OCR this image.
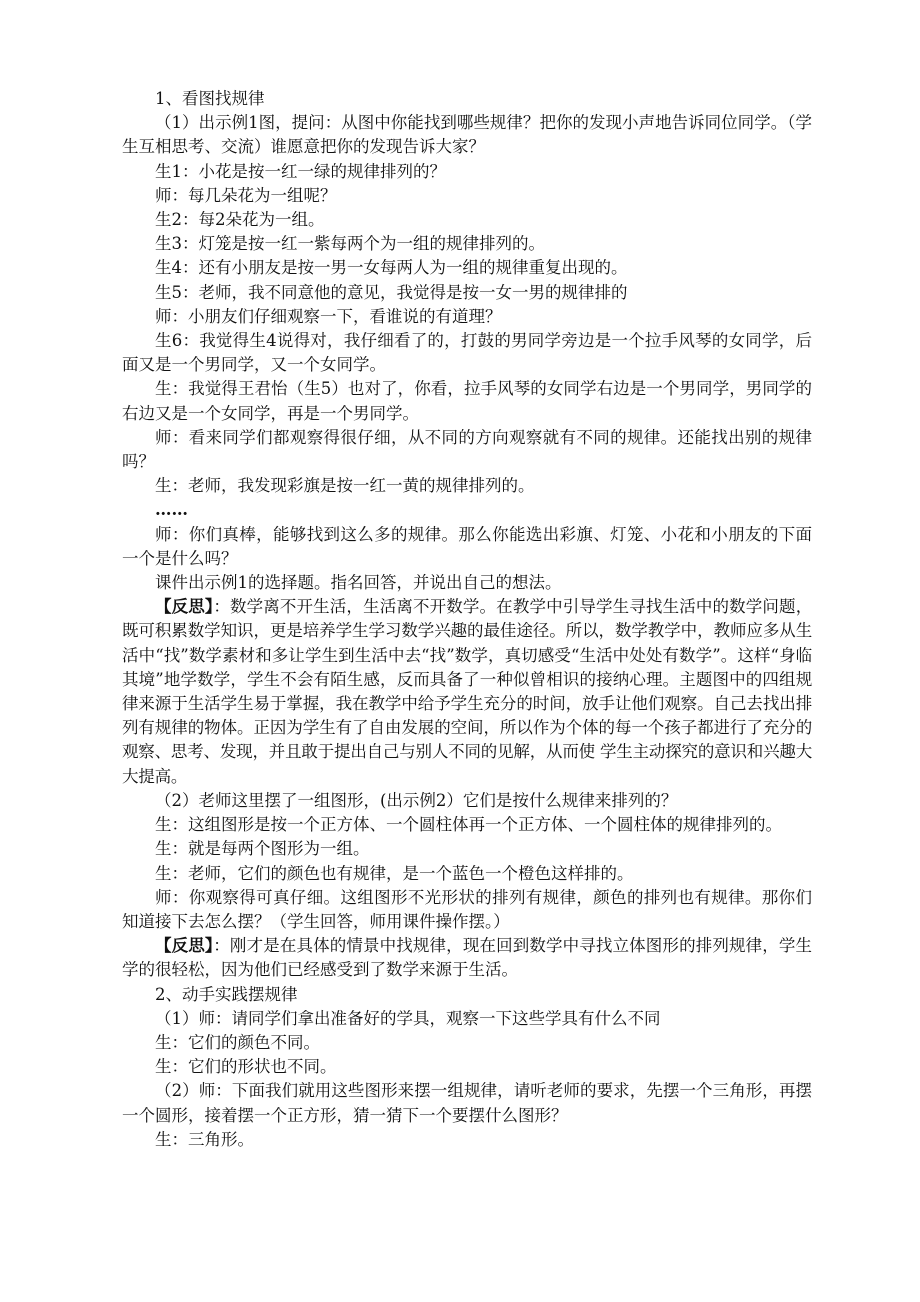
1、看图找规律

（1）出示例1图，提问：从图中你能找到哪些规律？把你的发现小声地告诉同位同学。（学生互相思考、交流）谁愿意把你的发现告诉大家？

生1：小花是按一红一绿的规律排列的？

师：每几朵花为一组呢？

生2：每2朵花为一组。

生3：灯笼是按一红一紫每两个为一组的规律排列的。

生4：还有小朋友是按一男一女每两人为一组的规律重复出现的。

生5：老师，我不同意他的意见，我觉得是按一女一男的规律排的

师：小朋友们仔细观察一下，看谁说的有道理？

生6：我觉得生4说得对，我仔细看了的，打鼓的男同学旁边是一个拉手风琴的女同学，后面又是一个男同学，又一个女同学。

生：我觉得王君怡（生5）也对了，你看，拉手风琴的女同学右边是一个男同学，男同学的右边又是一个女同学，再是一个男同学。

师：看来同学们都观察得很仔细，从不同的方向观察就有不同的规律。还能找出别的规律吗？

生：老师，我发现彩旗是按一红一黄的规律排列的。

……

师：你们真棒，能够找到这么多的规律。那么你能选出彩旗、灯笼、小花和小朋友的下面一个是什么吗？

课件出示例1的选择题。指名回答，并说出自己的想法。

【反思】：数学离不开生活，生活离不开数学。在教学中引导学生寻找生活中的数学问题，既可积累数学知识，更是培养学生学习数学兴趣的最佳途径。所以，数学教学中，教师应多从生活中“找”数学素材和多让学生到生活中去“找”数学，真切感受“生活中处处有数学”。这样“身临其境”地学数学，学生不会有陌生感，反而具备了一种似曾相识的接纳心理。主题图中的四组规律来源于生活学生易于掌握，我在教学中给予学生充分的时间，放手让他们观察。自己去找出排列有规律的物体。正因为学生有了自由发展的空间，所以作为个体的每一个孩子都进行了充分的观察、思考、发现，并且敢于提出自己与别人不同的见解，从而使 学生主动探究的意识和兴趣大大提高。

（2）老师这里摆了一组图形，(出示例2）它们是按什么规律来排列的？

生：这组图形是按一个正方体、一个圆柱体再一个正方体、一个圆柱体的规律排列的。

生：就是每两个图形为一组。

生：老师，它们的颜色也有规律，是一个蓝色一个橙色这样排的。

师：你观察得可真仔细。这组图形不光形状的排列有规律，颜色的排列也有规律。那你们知道接下去怎么摆？（学生回答，师用课件操作摆。）

【反思】：刚才是在具体的情景中找规律，现在回到数学中寻找立体图形的排列规律，学生学的很轻松，因为他们已经感受到了数学来源于生活。

2、动手实践摆规律

（1）师：请同学们拿出准备好的学具，观察一下这些学具有什么不同

生：它们的颜色不同。

生：它们的形状也不同。

（2）师：下面我们就用这些图形来摆一组规律，请听老师的要求，先摆一个三角形，再摆一个圆形，接着摆一个正方形，猜一猜下一个要摆什么图形？

生：三角形。
